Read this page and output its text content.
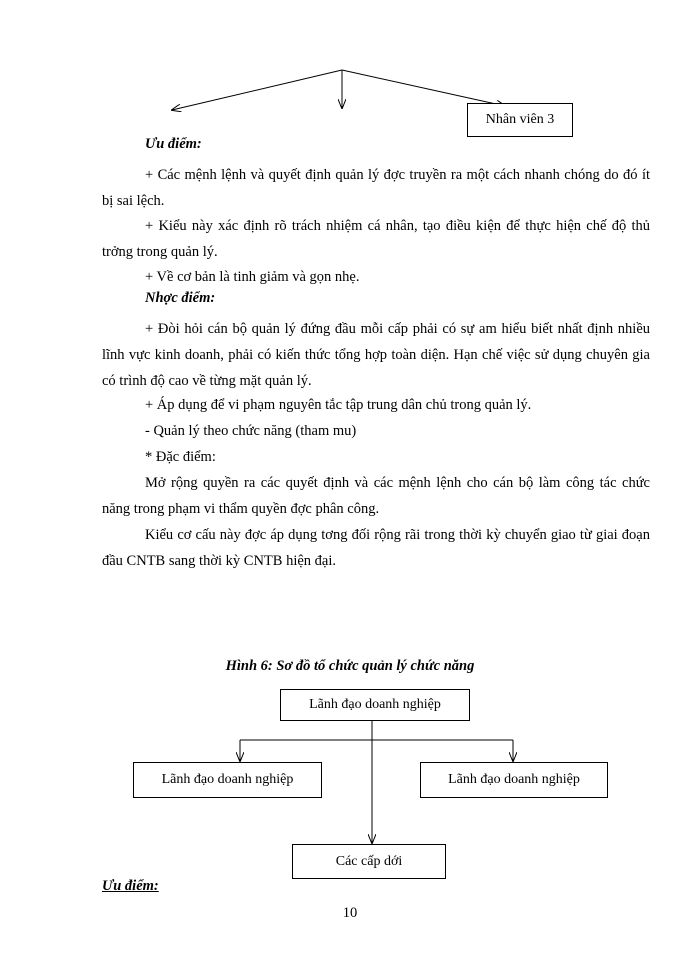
Nhân viên 3
Ưu điểm:

+ Các mệnh lệnh và quyết định quản lý đợc truyền ra một cách nhanh chóng do đó ít bị sai lệch.

+ Kiểu này xác định rõ trách nhiệm cá nhân, tạo điều kiện để thực hiện chế độ thủ trởng trong quản lý.

+ Về cơ bản là tinh giảm và gọn nhẹ.

Nhợc điểm:

+ Đòi hỏi cán bộ quản lý đứng đầu mỗi cấp phải có sự am hiểu biết nhất định nhiều lĩnh vực kinh doanh, phải có kiến thức tổng hợp toàn diện. Hạn chế việc sử dụng chuyên gia có trình độ cao về từng mặt quản lý.

+ Áp dụng để vi phạm nguyên tắc tập trung dân chủ trong quản lý.

- Quản lý theo chức năng (tham mu)

* Đặc điểm:

Mở rộng quyền ra các quyết định và các mệnh lệnh cho cán bộ làm công tác chức năng trong phạm vi thẩm quyền đợc phân công.

Kiểu cơ cấu này đợc áp dụng tơng đối rộng rãi trong thời kỳ chuyển giao từ giai đoạn đầu CNTB sang thời kỳ CNTB hiện đại.

Hình 6: Sơ đồ tổ chức quản lý chức năng
Lãnh đạo doanh nghiệp
Lãnh đạo doanh nghiệp	Lãnh đạo doanh nghiệp
Các cấp dới
Ưu điểm:
10
